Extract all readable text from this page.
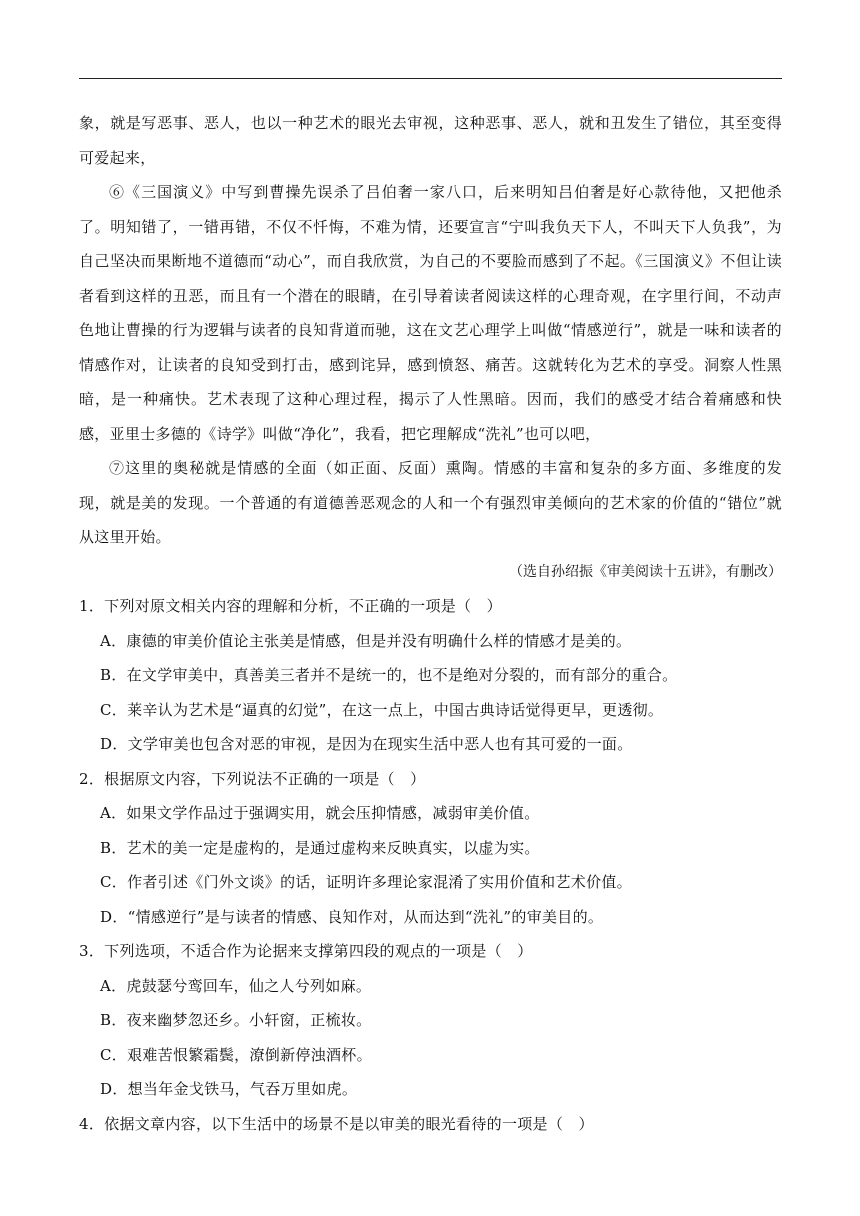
象，就是写恶事、恶人，也以一种艺术的眼光去审视，这种恶事、恶人，就和丑发生了错位，其至变得可爱起来，

⑥《三国演义》中写到曹操先误杀了吕伯奢一家八口，后来明知吕伯奢是好心款待他，又把他杀了。明知错了，一错再错，不仅不忏悔，不难为情，还要宣言“宁叫我负天下人，不叫天下人负我”，为自己坚决而果断地不道德而“动心”，而自我欣赏，为自己的不要脸而感到了不起。《三国演义》不但让读者看到这样的丑恶，而且有一个潜在的眼睛，在引导着读者阅读这样的心理奇观，在字里行间，不动声色地让曹操的行为逻辑与读者的良知背道而驰，这在文艺心理学上叫做“情感逆行”，就是一味和读者的情感作对，让读者的良知受到打击，感到诧异，感到愤怒、痛苦。这就转化为艺术的享受。洞察人性黑暗，是一种痛快。艺术表现了这种心理过程，揭示了人性黑暗。因而，我们的感受才结合着痛感和快感，亚里士多德的《诗学》叫做“净化”，我看，把它理解成“洗礼”也可以吧，

⑦这里的奥秘就是情感的全面（如正面、反面）熏陶。情感的丰富和复杂的多方面、多维度的发现，就是美的发现。一个普通的有道德善恶观念的人和一个有强烈审美倾向的艺术家的价值的“错位”就从这里开始。

（选自孙绍振《审美阅读十五讲》，有删改）

1．下列对原文相关内容的理解和分析，不正确的一项是（　）

A．康德的审美价值论主张美是情感，但是并没有明确什么样的情感才是美的。

B．在文学审美中，真善美三者并不是统一的，也不是绝对分裂的，而有部分的重合。

C．莱辛认为艺术是“逼真的幻觉”，在这一点上，中国古典诗话觉得更早，更透彻。

D．文学审美也包含对恶的审视，是因为在现实生活中恶人也有其可爱的一面。

2．根据原文内容，下列说法不正确的一项是（　）

A．如果文学作品过于强调实用，就会压抑情感，减弱审美价值。

B．艺术的美一定是虚构的，是通过虚构来反映真实，以虚为实。

C．作者引述《门外文谈》的话，证明许多理论家混淆了实用价值和艺术价值。

D．“情感逆行”是与读者的情感、良知作对，从而达到“洗礼”的审美目的。

3．下列选项，不适合作为论据来支撑第四段的观点的一项是（　）

A．虎鼓瑟兮鸾回车，仙之人兮列如麻。

B．夜来幽梦忽还乡。小轩窗，正梳妆。

C．艰难苦恨繁霜鬓，潦倒新停浊酒杯。

D．想当年金戈铁马，气吞万里如虎。

4．依据文章内容，以下生活中的场景不是以审美的眼光看待的一项是（　）
